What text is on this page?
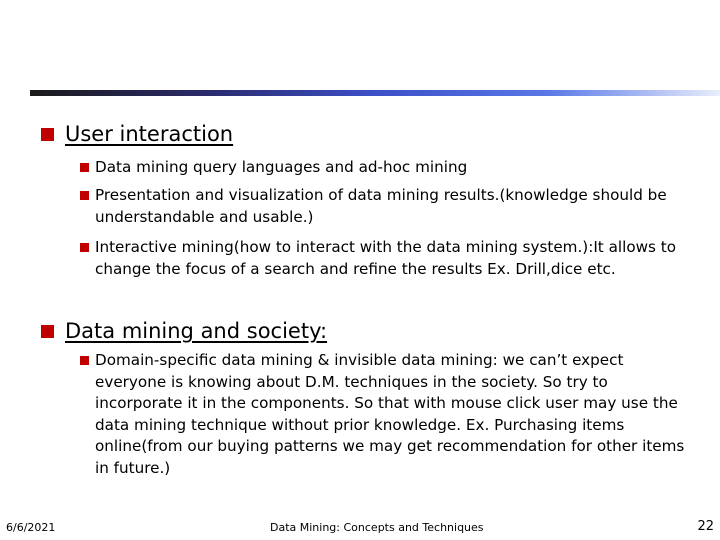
User interaction
Data mining query languages and ad-hoc mining
Presentation and visualization of data mining results.(knowledge should be understandable and usable.)
Interactive mining(how to interact with the data mining system.):It allows to change the focus of a search and refine the results Ex. Drill,dice etc.
Data mining and society:
Domain-specific data mining & invisible data mining: we can’t expect everyone is knowing about D.M. techniques in the society. So try to incorporate it in the components. So that with mouse click user may use the data mining technique without prior knowledge. Ex. Purchasing items online(from our buying patterns we may get recommendation for other items in future.)
6/6/2021	Data Mining: Concepts and Techniques	22
